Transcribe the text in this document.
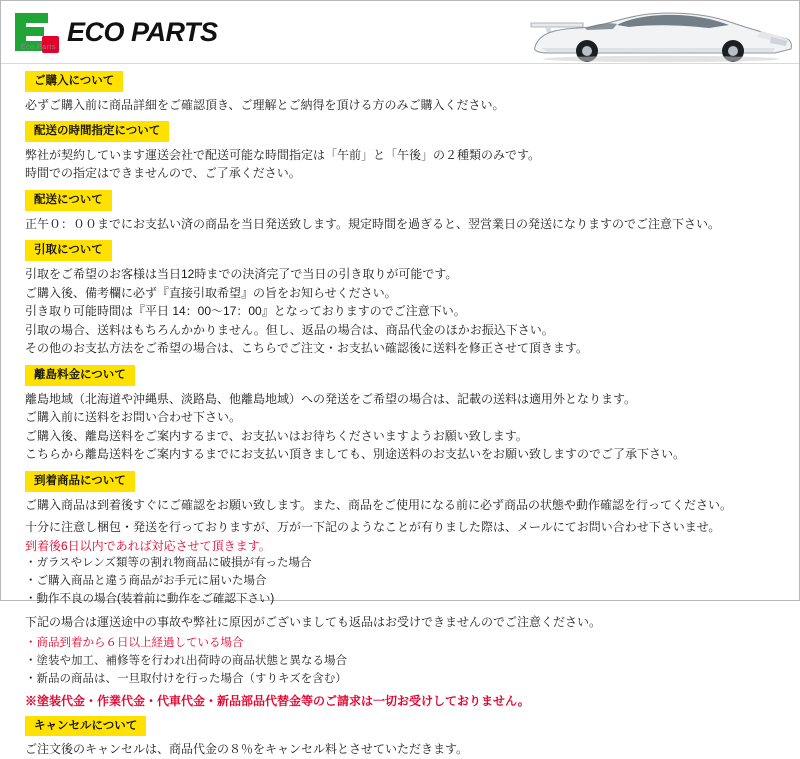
ECO PARTS
Eco Parts
ご購入について
必ずご購入前に商品詳細をご確認頂き、ご理解とご納得を頂ける方のみご購入ください。
配送の時間指定について
弊社が契約しています運送会社で配送可能な時間指定は「午前」と「午後」の２種類のみです。
時間での指定はできませんので、ご了承ください。
配送について
正午０：００までにお支払い済の商品を当日発送致します。規定時間を過ぎると、翌営業日の発送になりますのでご注意下さい。
引取について
引取をご希望のお客様は当日12時までの決済完了で当日の引き取りが可能です。
ご購入後、備考欄に必ず『直接引取希望』の旨をお知らせください。
引き取り可能時間は『平日 14：00〜17：00』となっておりますのでご注意下い。
引取の場合、送料はもちろんかかりません。但し、返品の場合は、商品代金のほかお振込下さい。
その他のお支払方法をご希望の場合は、こちらでご注文・お支払い確認後に送料を修正させて頂きます。
離島料金について
離島地域（北海道や沖縄県、淡路島、他離島地域）への発送をご希望の場合は、記載の送料は適用外となります。
ご購入前に送料をお問い合わせ下さい。
ご購入後、離島送料をご案内するまで、お支払いはお待ちくださいますようお願い致します。
こちらから離島送料をご案内するまでにお支払い頂きましても、別途送料のお支払いをお願い致しますのでご了承下さい。
到着商品について
ご購入商品は到着後すぐにご確認をお願い致します。また、商品をご使用になる前に必ず商品の状態や動作確認を行ってください。
十分に注意し梱包・発送を行っておりますが、万が一下記のようなことが有りました際は、メールにてお問い合わせ下さいませ。
到着後6日以内であれば対応させて頂きます。
・ガラスやレンズ類等の割れ物商品に破損が有った場合
・ご購入商品と違う商品がお手元に届いた場合
・動作不良の場合(装着前に動作をご確認下さい)
下記の場合は運送途中の事故や弊社に原因がございましても返品はお受けできませんのでご注意ください。
・商品到着から６日以上経過している場合
・塗装や加工、補修等を行われ出荷時の商品状態と異なる場合
・新品の商品は、一旦取付けを行った場合（すりキズを含む）
※塗装代金・作業代金・代車代金・新品部品代替金等のご請求は一切お受けしておりません。
キャンセルについて
ご注文後のキャンセルは、商品代金の８％をキャンセル料とさせていただきます。
